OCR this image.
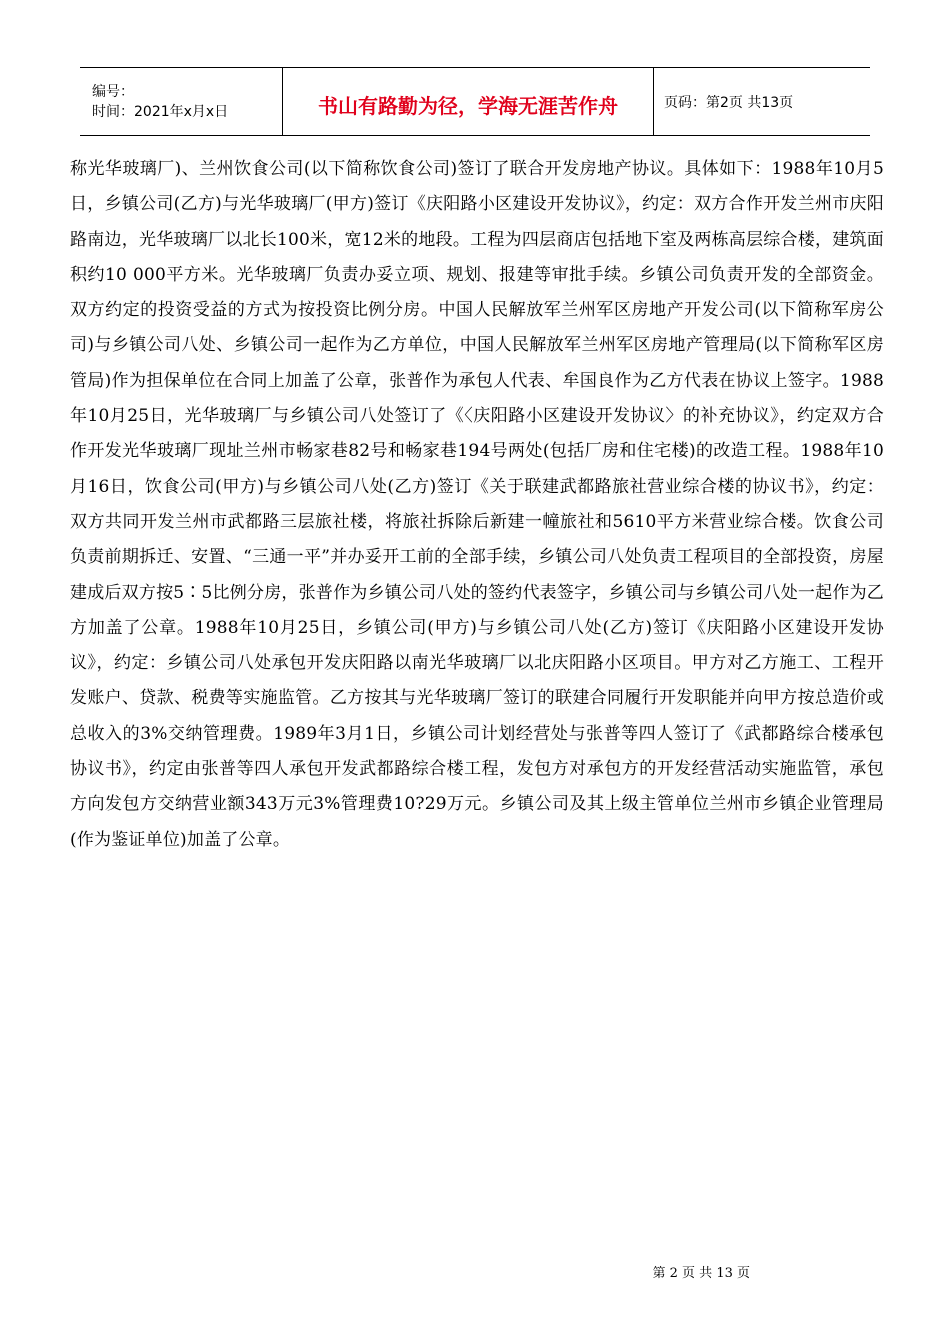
编号：
时间：2021年x月x日	书山有路勤为径，学海无涯苦作舟	页码：第2页 共13页

称光华玻璃厂)、兰州饮食公司(以下简称饮食公司)签订了联合开发房地产协议。具体如下：1988年10月5日，乡镇公司(乙方)与光华玻璃厂(甲方)签订《庆阳路小区建设开发协议》，约定：双方合作开发兰州市庆阳路南边，光华玻璃厂以北长100米，宽12米的地段。工程为四层商店包括地下室及两栋高层综合楼，建筑面积约10 000平方米。光华玻璃厂负责办妥立项、规划、报建等审批手续。乡镇公司负责开发的全部资金。双方约定的投资受益的方式为按投资比例分房。中国人民解放军兰州军区房地产开发公司(以下简称军房公司)与乡镇公司八处、乡镇公司一起作为乙方单位，中国人民解放军兰州军区房地产管理局(以下简称军区房管局)作为担保单位在合同上加盖了公章，张普作为承包人代表、牟国良作为乙方代表在协议上签字。1988年10月25日，光华玻璃厂与乡镇公司八处签订了《〈庆阳路小区建设开发协议〉的补充协议》，约定双方合作开发光华玻璃厂现址兰州市畅家巷82号和畅家巷194号两处(包括厂房和住宅楼)的改造工程。1988年10月16日，饮食公司(甲方)与乡镇公司八处(乙方)签订《关于联建武都路旅社营业综合楼的协议书》，约定：双方共同开发兰州市武都路三层旅社楼，将旅社拆除后新建一幢旅社和5610平方米营业综合楼。饮食公司负责前期拆迁、安置、“三通一平”并办妥开工前的全部手续，乡镇公司八处负责工程项目的全部投资，房屋建成后双方按5∶5比例分房，张普作为乡镇公司八处的签约代表签字，乡镇公司与乡镇公司八处一起作为乙方加盖了公章。1988年10月25日，乡镇公司(甲方)与乡镇公司八处(乙方)签订《庆阳路小区建设开发协议》，约定：乡镇公司八处承包开发庆阳路以南光华玻璃厂以北庆阳路小区项目。甲方对乙方施工、工程开发账户、贷款、税费等实施监管。乙方按其与光华玻璃厂签订的联建合同履行开发职能并向甲方按总造价或总收入的3%交纳管理费。1989年3月1日，乡镇公司计划经营处与张普等四人签订了《武都路综合楼承包协议书》，约定由张普等四人承包开发武都路综合楼工程，发包方对承包方的开发经营活动实施监管，承包方向发包方交纳营业额343万元3%管理费10?29万元。乡镇公司及其上级主管单位兰州市乡镇企业管理局(作为鉴证单位)加盖了公章。

第 2 页 共 13 页
